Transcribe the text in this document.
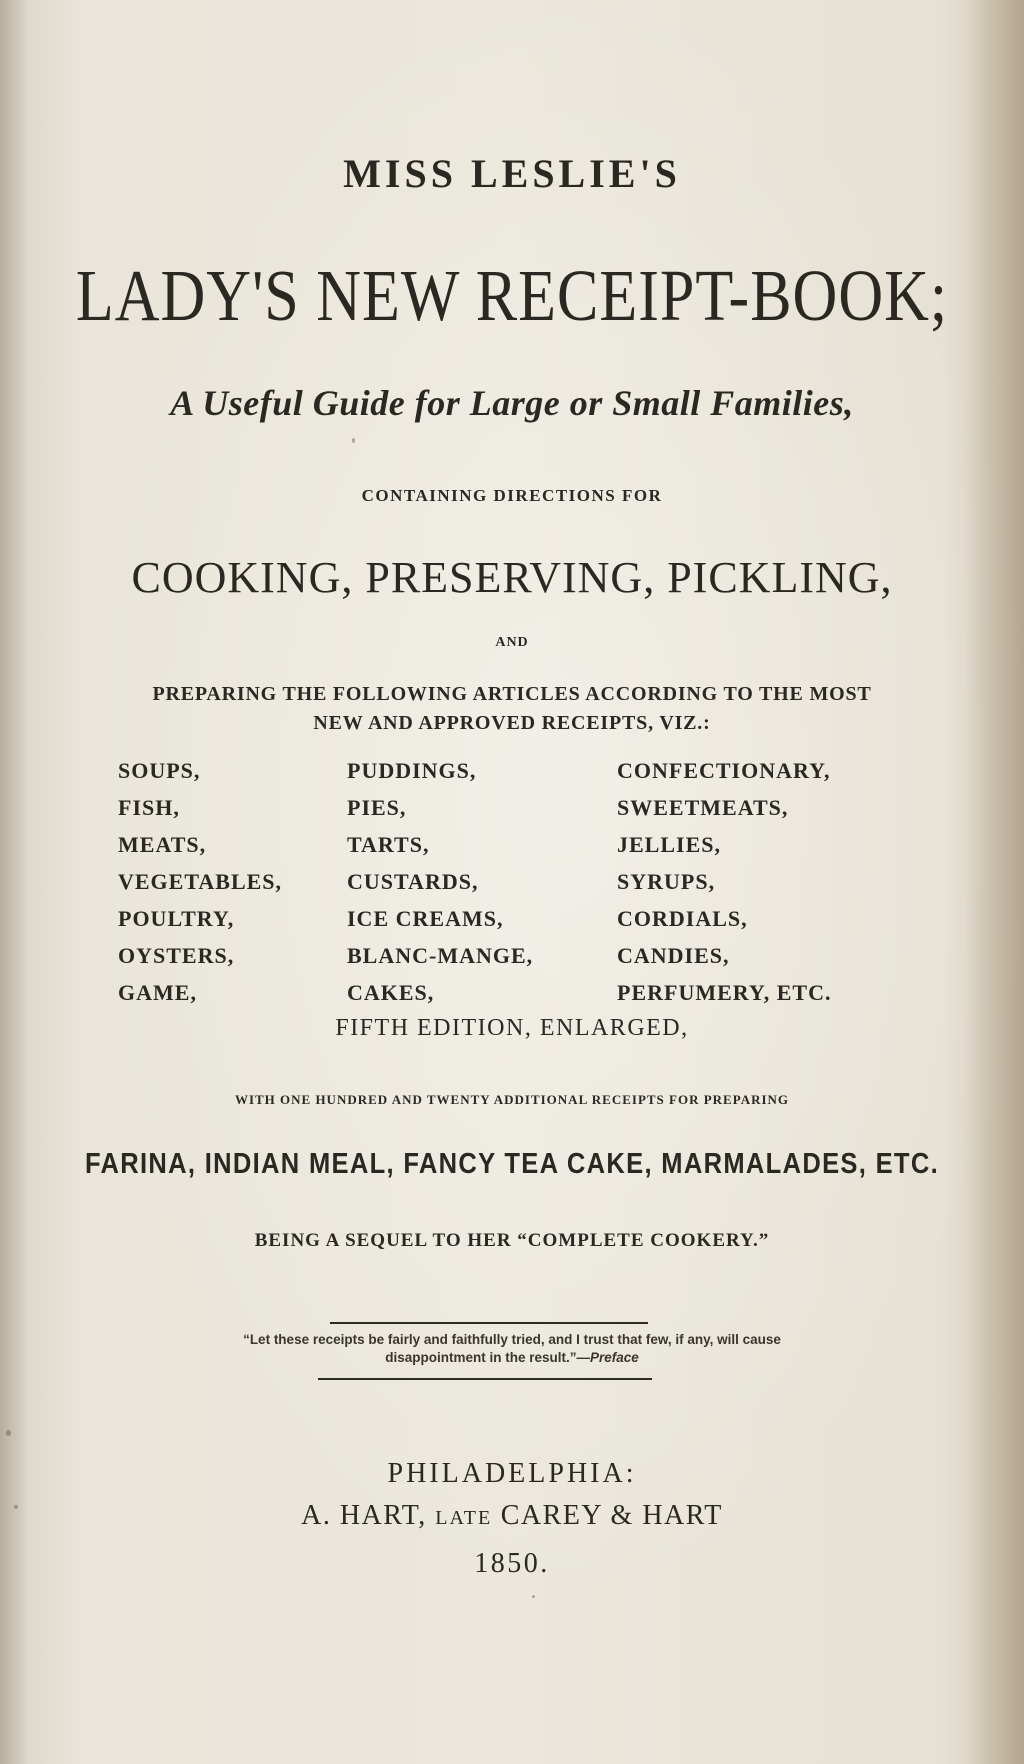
MISS LESLIE'S
LADY'S NEW RECEIPT-BOOK;
A Useful Guide for Large or Small Families,
CONTAINING DIRECTIONS FOR
COOKING, PRESERVING, PICKLING,
AND
PREPARING THE FOLLOWING ARTICLES ACCORDING TO THE MOST
NEW AND APPROVED RECEIPTS, VIZ.:
SOUPS,
FISH,
MEATS,
VEGETABLES,
POULTRY,
OYSTERS,
GAME,
PUDDINGS,
PIES,
TARTS,
CUSTARDS,
ICE CREAMS,
BLANC-MANGE,
CAKES,
CONFECTIONARY,
SWEETMEATS,
JELLIES,
SYRUPS,
CORDIALS,
CANDIES,
PERFUMERY, ETC.
FIFTH EDITION, ENLARGED,
WITH ONE HUNDRED AND TWENTY ADDITIONAL RECEIPTS FOR PREPARING
FARINA, INDIAN MEAL, FANCY TEA CAKE, MARMALADES, ETC.
BEING A SEQUEL TO HER “COMPLETE COOKERY.”
“Let these receipts be fairly and faithfully tried, and I trust that few, if any, will cause
disappointment in the result.”—Preface
PHILADELPHIA:
A. HART, LATE CAREY & HART
1850.
